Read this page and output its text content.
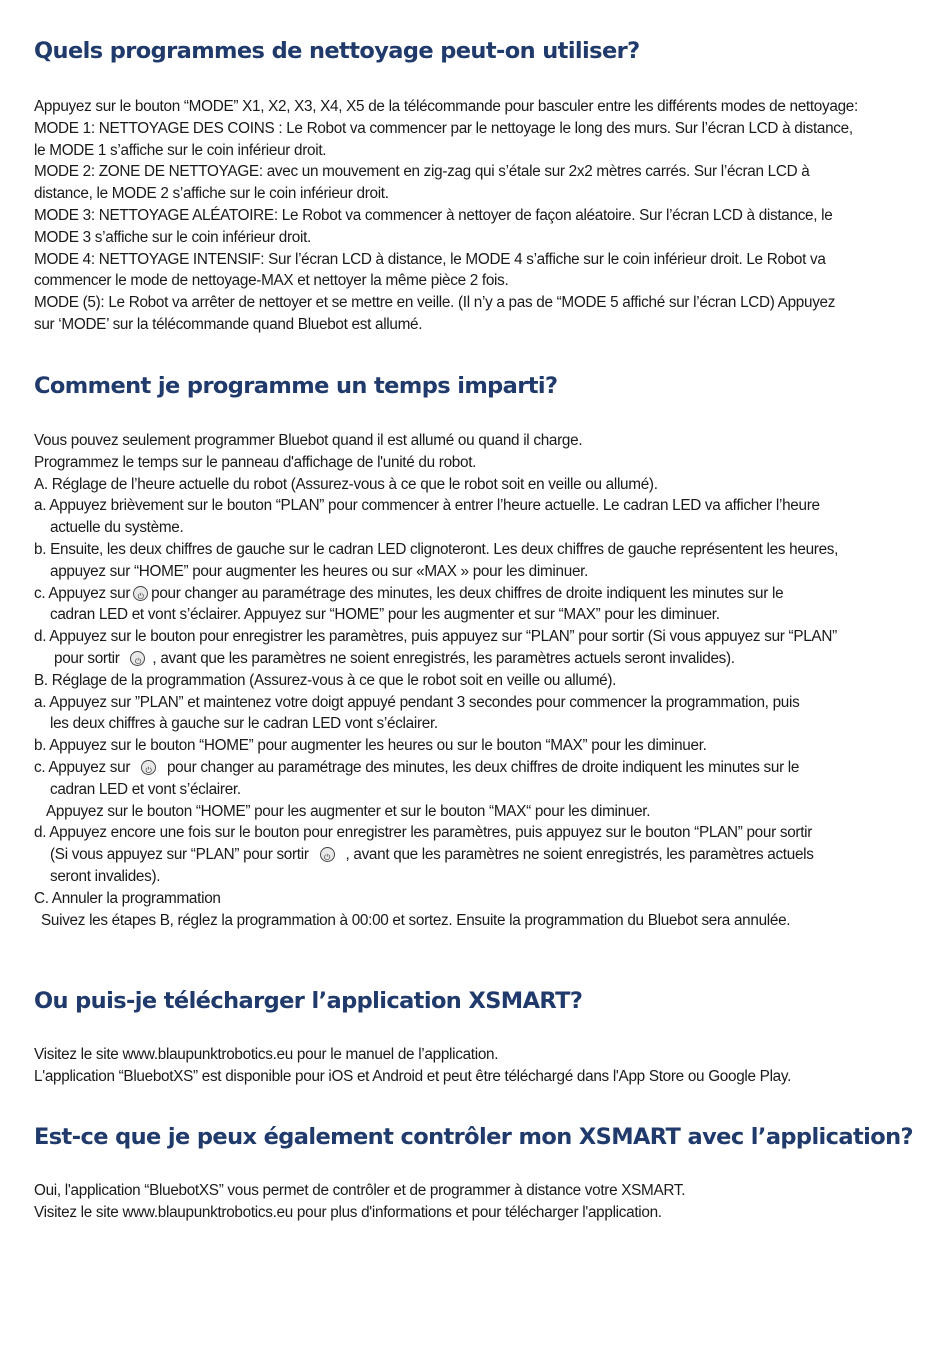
Quels programmes de nettoyage peut-on utiliser?
Appuyez sur le bouton “MODE” X1, X2, X3, X4, X5 de la télécommande pour basculer entre les différents modes de nettoyage:
MODE 1: NETTOYAGE DES COINS : Le Robot va commencer par le nettoyage le long des murs. Sur l’écran LCD à distance,
le MODE 1 s’affiche sur le coin inférieur droit.
MODE 2: ZONE DE NETTOYAGE: avec un mouvement en zig-zag qui s’étale sur 2x2 mètres carrés. Sur l’écran LCD à
distance, le MODE 2 s’affiche sur le coin inférieur droit.
MODE 3: NETTOYAGE ALÉATOIRE: Le Robot va commencer à nettoyer de façon aléatoire. Sur l’écran LCD à distance, le
MODE 3 s’affiche sur le coin inférieur droit.
MODE 4: NETTOYAGE INTENSIF: Sur l’écran LCD à distance, le MODE 4 s’affiche sur le coin inférieur droit. Le Robot va
commencer le mode de nettoyage-MAX et nettoyer la même pièce 2 fois.
MODE (5): Le Robot va arrêter de nettoyer et se mettre en veille. (Il n’y a pas de “MODE 5 affiché sur l’écran LCD) Appuyez
sur ‘MODE’ sur la télécommande quand Bluebot est allumé.
Comment je programme un temps imparti?
Vous pouvez seulement programmer Bluebot quand il est allumé ou quand il charge.
Programmez le temps sur le panneau d'affichage de l'unité du robot.
A. Réglage de l’heure actuelle du robot (Assurez-vous à ce que le robot soit en veille ou allumé).
a. Appuyez brièvement sur le bouton “PLAN” pour commencer à entrer l’heure actuelle. Le cadran LED va afficher l’heure
actuelle du système.
b. Ensuite, les deux chiffres de gauche sur le cadran LED clignoteront. Les deux chiffres de gauche représentent les heures,
appuyez sur “HOME” pour augmenter les heures ou sur «MAX » pour les diminuer.
c. Appuyez sur ⏻ pour changer au paramétrage des minutes, les deux chiffres de droite indiquent les minutes sur le
cadran LED et vont s’éclairer. Appuyez sur “HOME” pour les augmenter et sur “MAX” pour les diminuer.
d. Appuyez sur le bouton pour enregistrer les paramètres, puis appuyez sur “PLAN” pour sortir (Si vous appuyez sur “PLAN”
pour sortir ⏻ , avant que les paramètres ne soient enregistrés, les paramètres actuels seront invalides).
B. Réglage de la programmation (Assurez-vous à ce que le robot soit en veille ou allumé).
a. Appuyez sur ”PLAN” et maintenez votre doigt appuyé pendant 3 secondes pour commencer la programmation, puis
les deux chiffres à gauche sur le cadran LED vont s’éclairer.
b. Appuyez sur le bouton “HOME” pour augmenter les heures ou sur le bouton “MAX” pour les diminuer.
c. Appuyez sur ⏻ pour changer au paramétrage des minutes, les deux chiffres de droite indiquent les minutes sur le
cadran LED et vont s’éclairer.
Appuyez sur le bouton “HOME” pour les augmenter et sur le bouton “MAX“ pour les diminuer.
d. Appuyez encore une fois sur le bouton pour enregistrer les paramètres, puis appuyez sur le bouton “PLAN” pour sortir
(Si vous appuyez sur “PLAN” pour sortir ⏻ , avant que les paramètres ne soient enregistrés, les paramètres actuels
seront invalides).
C. Annuler la programmation
Suivez les étapes B, réglez la programmation à 00:00 et sortez. Ensuite la programmation du Bluebot sera annulée.
Ou puis-je télécharger l’application XSMART?
Visitez le site www.blaupunktrobotics.eu pour le manuel de l’application.
L'application “BluebotXS” est disponible pour iOS et Android et peut être téléchargé dans l'App Store ou Google Play.
Est-ce que je peux également contrôler mon XSMART avec l’application?
Oui, l'application “BluebotXS” vous permet de contrôler et de programmer à distance votre XSMART.
Visitez le site www.blaupunktrobotics.eu pour plus d'informations et pour télécharger l'application.
